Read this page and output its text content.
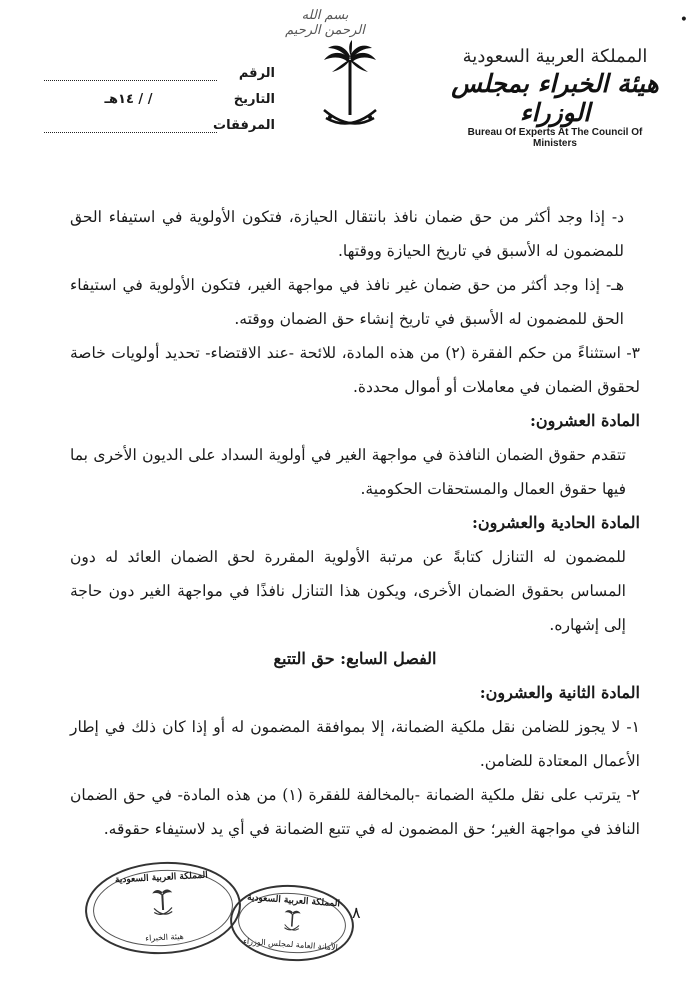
•
بسم الله الرحمن الرحيم
المملكة العربية السعودية
هيئة الخبراء بمجلس الوزراء
Bureau Of Experts At The Council Of Ministers
الرقم
التاريخ
/ / ١٤هـ
المرفقات

د- إذا وجد أكثر من حق ضمان نافذ بانتقال الحيازة، فتكون الأولوية في استيفاء الحق للمضمون له الأسبق في تاريخ الحيازة ووقتها.

هـ- إذا وجد أكثر من حق ضمان غير نافذ في مواجهة الغير، فتكون الأولوية في استيفاء الحق للمضمون له الأسبق في تاريخ إنشاء حق الضمان ووقته.

٣- استثناءً من حكم الفقرة (٢) من هذه المادة، للائحة -عند الاقتضاء- تحديد أولويات خاصة لحقوق الضمان في معاملات أو أموال محددة.

المادة العشرون:

تتقدم حقوق الضمان النافذة في مواجهة الغير في أولوية السداد على الديون الأخرى بما فيها حقوق العمال والمستحقات الحكومية.

المادة الحادية والعشرون:

للمضمون له التنازل كتابةً عن مرتبة الأولوية المقررة لحق الضمان العائد له دون المساس بحقوق الضمان الأخرى، ويكون هذا التنازل نافذًا في مواجهة الغير دون حاجة إلى إشهاره.

الفصل السابع: حق التتبع

المادة الثانية والعشرون:

١- لا يجوز للضامن نقل ملكية الضمانة، إلا بموافقة المضمون له أو إذا كان ذلك في إطار الأعمال المعتادة للضامن.

٢- يترتب على نقل ملكية الضمانة -بالمخالفة للفقرة (١) من هذه المادة- في حق الضمان النافذ في مواجهة الغير؛ حق المضمون له في تتبع الضمانة في أي يد لاستيفاء حقوقه.

المملكة العربية السعودية
هيئة الخبراء
المملكة العربية السعودية
الأمانة العامة لمجلس الوزراء
٨
